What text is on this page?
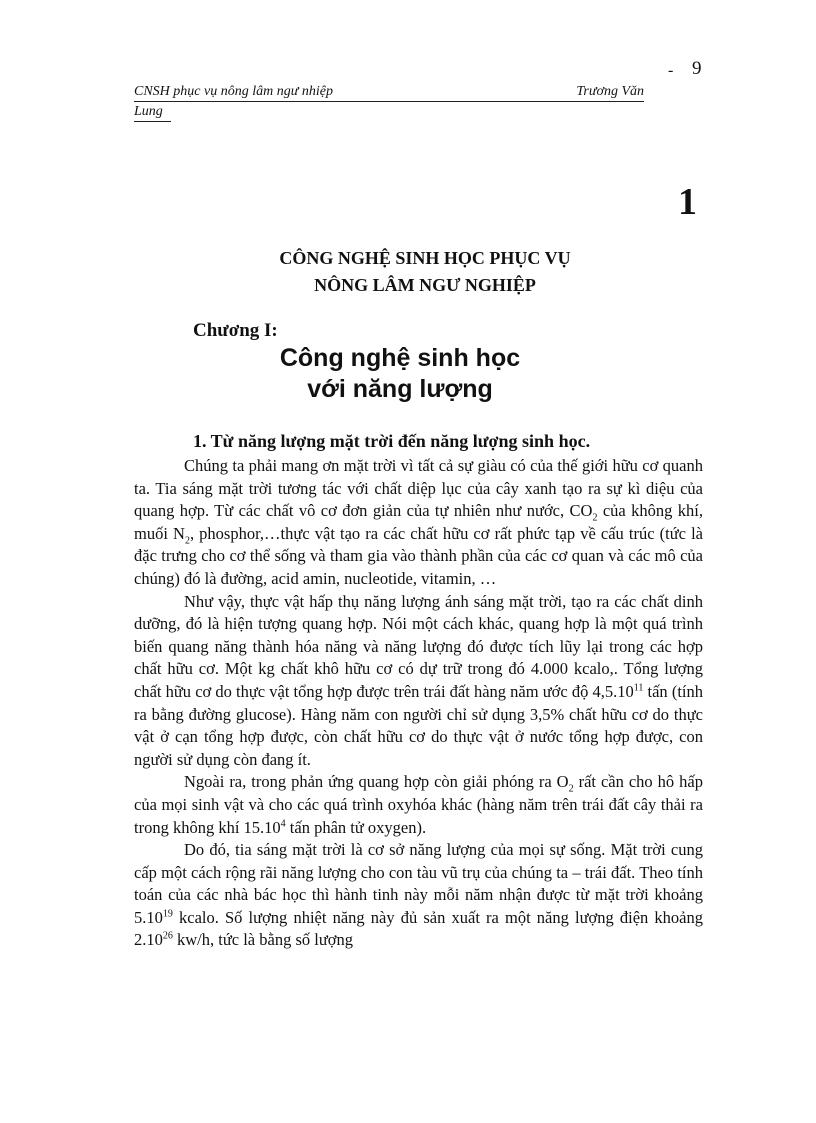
- 9
CNSH phục vụ nông lâm ngư nhiệp	Trương Văn
Lung
1
CÔNG NGHỆ SINH HỌC PHỤC VỤ
NÔNG LÂM NGƯ NGHIỆP
Chương I:
Công nghệ sinh học
với năng lượng
1. Từ năng lượng mặt trời đến năng lượng sinh học.

Chúng ta phải mang ơn mặt trời vì tất cả sự giàu có của thế giới hữu cơ quanh ta. Tia sáng mặt trời tương tác với chất diệp lục của cây xanh tạo ra sự kì diệu của quang hợp. Từ các chất vô cơ đơn giản của tự nhiên như nước, $CO_2$ của không khí, muối $N_2$, phosphor,…thực vật tạo ra các chất hữu cơ rất phức tạp về cấu trúc (tức là đặc trưng cho cơ thể sống và tham gia vào thành phần của các cơ quan và các mô của chúng) đó là đường, acid amin, nucleotide, vitamin, …

Như vậy, thực vật hấp thụ năng lượng ánh sáng mặt trời, tạo ra các chất dinh dưỡng, đó là hiện tượng quang hợp. Nói một cách khác, quang hợp là một quá trình biến quang năng thành hóa năng và năng lượng đó được tích lũy lại trong các hợp chất hữu cơ. Một kg chất khô hữu cơ có dự trữ trong đó 4.000 kcalo,. Tổng lượng chất hữu cơ do thực vật tổng hợp được trên trái đất hàng năm ước độ 4,5.10$^{11}$ tấn (tính ra bằng đường glucose). Hàng năm con người chỉ sử dụng 3,5% chất hữu cơ do thực vật ở cạn tổng hợp được, còn chất hữu cơ do thực vật ở nước tổng hợp được, con người sử dụng còn đang ít.

Ngoài ra, trong phản ứng quang hợp còn giải phóng ra $O_2$ rất cần cho hô hấp của mọi sinh vật và cho các quá trình oxyhóa khác (hàng năm trên trái đất cây thải ra trong không khí 15.10$^4$ tấn phân tử oxygen).

Do đó, tia sáng mặt trời là cơ sở năng lượng của mọi sự sống. Mặt trời cung cấp một cách rộng rãi năng lượng cho con tàu vũ trụ của chúng ta – trái đất. Theo tính toán của các nhà bác học thì hành tinh này mỗi năm nhận được từ mặt trời khoảng 5.10$^{19}$ kcalo. Số lượng nhiệt năng này đủ sản xuất ra một năng lượng điện khoảng 2.10$^{26}$ kw/h, tức là bằng số lượng
